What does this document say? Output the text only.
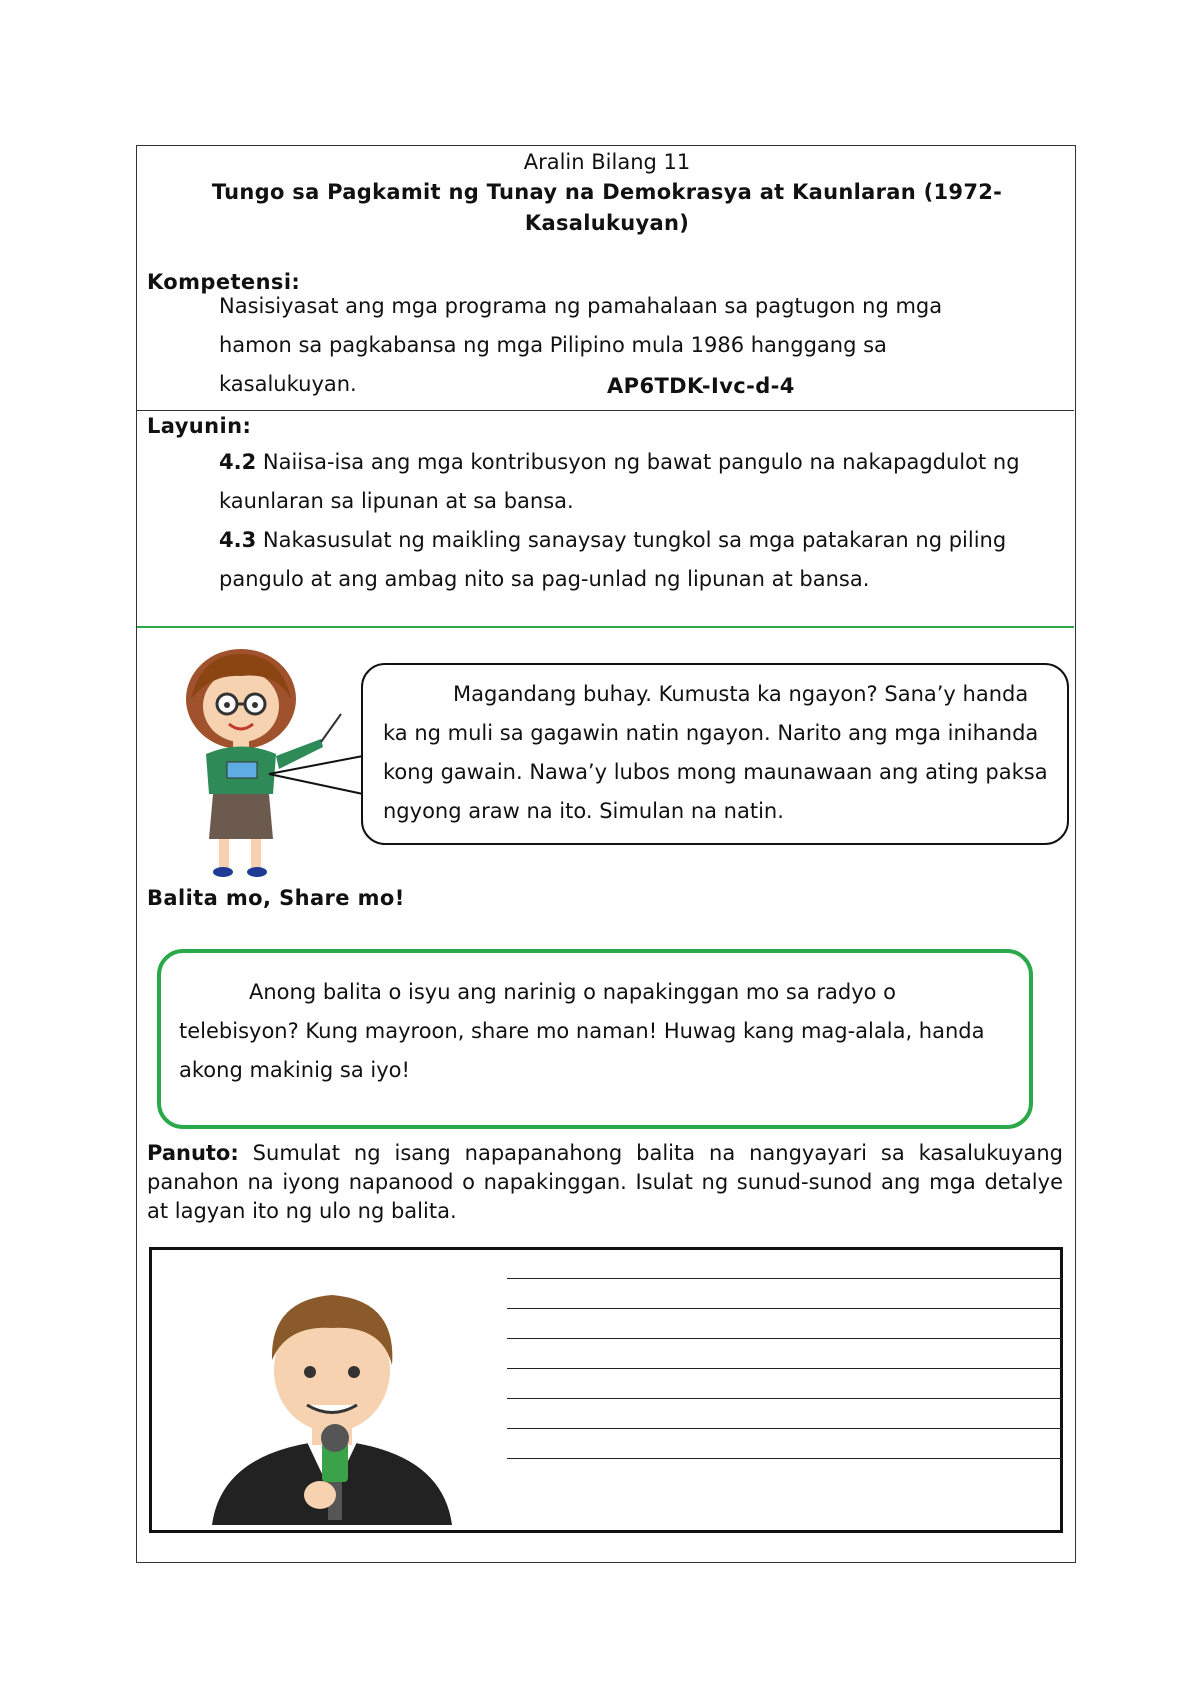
Aralin Bilang 11
Tungo sa Pagkamit ng Tunay na Demokrasya at Kaunlaran (1972-Kasalukuyan)
Kompetensi:
Nasisiyasat ang mga programa ng pamahalaan sa pagtugon ng mga hamon sa pagkabansa ng mga Pilipino mula 1986 hanggang sa kasalukuyan.	AP6TDK-Ivc-d-4
Layunin:
4.2 Naiisa-isa ang mga kontribusyon ng bawat pangulo na nakapagdulot ng kaunlaran sa lipunan at sa bansa.
4.3 Nakasusulat ng maikling sanaysay tungkol sa mga patakaran ng piling pangulo at ang ambag nito sa pag-unlad ng lipunan at bansa.
Magandang buhay. Kumusta ka ngayon? Sana’y handa ka ng muli sa gagawin natin ngayon. Narito ang mga inihanda kong gawain. Nawa’y lubos mong maunawaan ang ating paksa ngyong araw na ito. Simulan na natin.
Balita mo, Share mo!
Anong balita o isyu ang narinig o napakinggan mo sa radyo o telebisyon? Kung mayroon, share mo naman! Huwag kang mag-alala, handa akong makinig sa iyo!
Panuto: Sumulat ng isang napapanahong balita na nangyayari sa kasalukuyang panahon na iyong napanood o napakinggan. Isulat ng sunud-sunod ang mga detalye at lagyan ito ng ulo ng balita.
